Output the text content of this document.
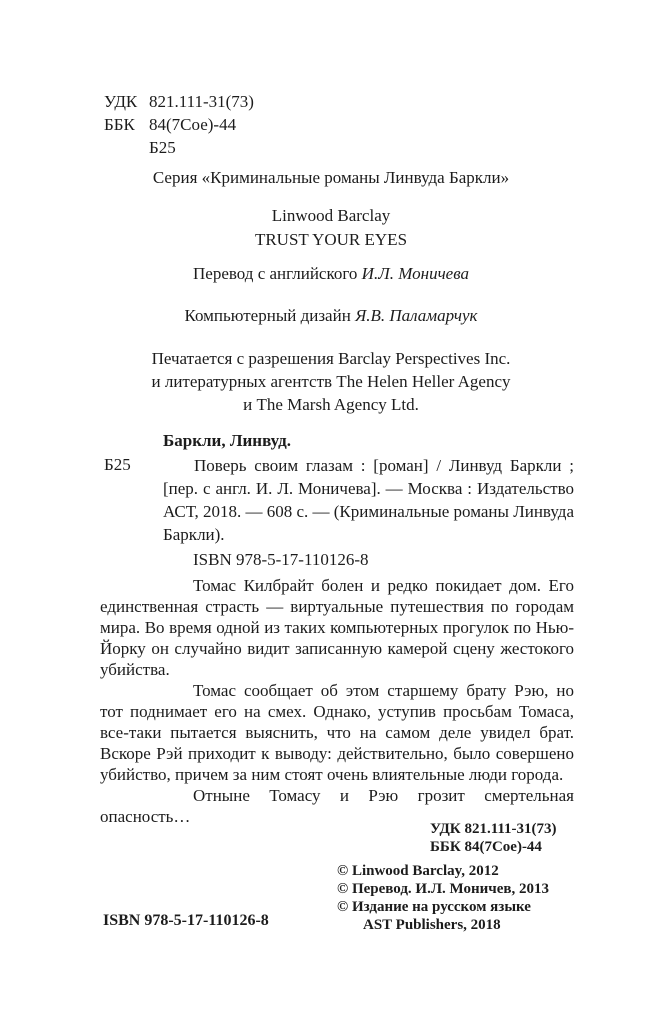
УДК 821.111-31(73)
ББК 84(7Сое)-44
Б25
Серия «Криминальные романы Линвуда Баркли»
Linwood Barclay
TRUST YOUR EYES
Перевод с английского И.Л. Моничева
Компьютерный дизайн Я.В. Паламарчук
Печатается с разрешения Barclay Perspectives Inc.
и литературных агентств The Helen Heller Agency
и The Marsh Agency Ltd.
Баркли, Линвуд.
Б25	Поверь своим глазам : [роман] / Линвуд Баркли ; [пер. с англ. И. Л. Моничева]. — Москва : Издательство АСТ, 2018. — 608 с. — (Криминальные романы Линвуда Баркли).

ISBN 978-5-17-110126-8

Томас Килбрайт болен и редко покидает дом. Его единственная страсть — виртуальные путешествия по городам мира. Во время одной из таких компьютерных прогулок по Нью-Йорку он случайно видит записанную камерой сцену жестокого убийства.

Томас сообщает об этом старшему брату Рэю, но тот поднимает его на смех. Однако, уступив просьбам Томаса, все-таки пытается выяснить, что на самом деле увидел брат. Вскоре Рэй приходит к выводу: действительно, было совершено убийство, причем за ним стоят очень влиятельные люди города.

Отныне Томасу и Рэю грозит смертельная опасность…

УДК 821.111-31(73)
ББК 84(7Сое)-44
© Linwood Barclay, 2012
© Перевод. И.Л. Моничев, 2013
© Издание на русском языке
AST Publishers, 2018
ISBN 978-5-17-110126-8
